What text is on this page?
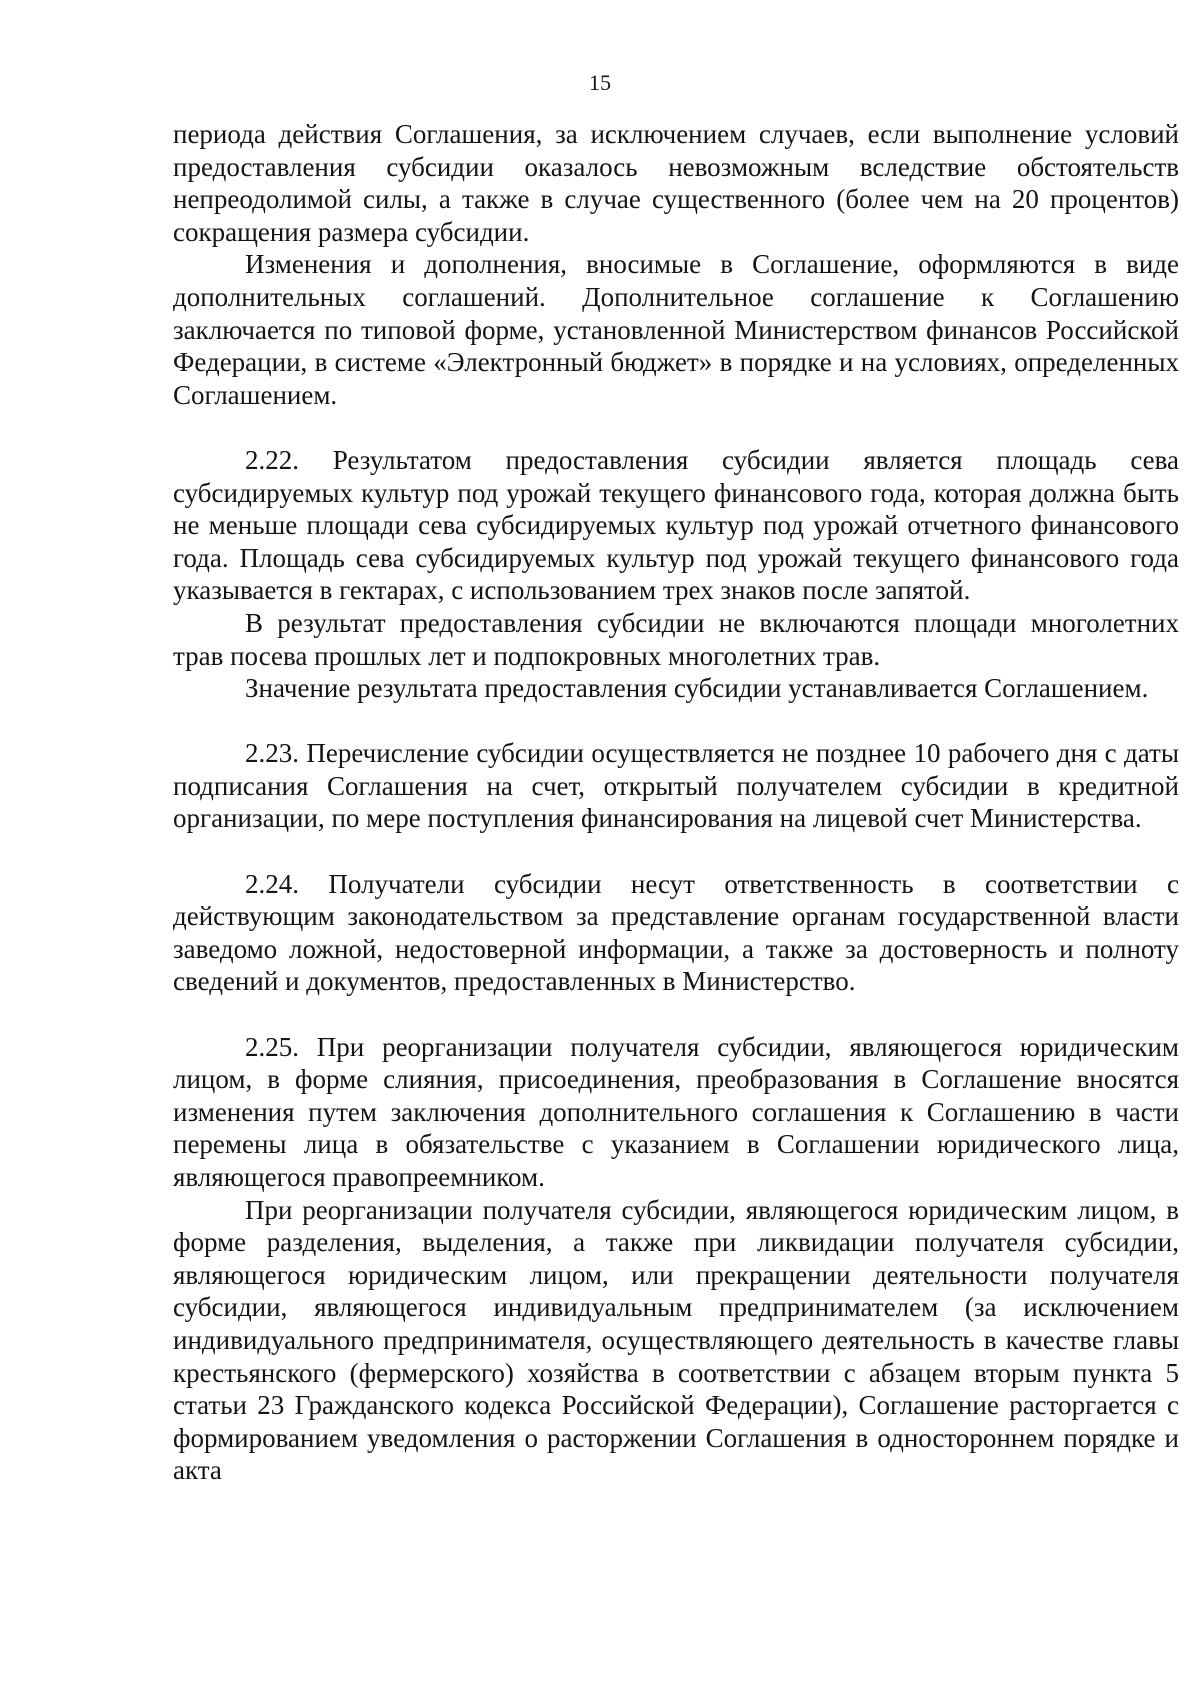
15

периода действия Соглашения, за исключением случаев, если выполнение условий предоставления субсидии оказалось невозможным вследствие обстоятельств непреодолимой силы, а также в случае существенного (более чем на 20 процентов) сокращения размера субсидии.

Изменения и дополнения, вносимые в Соглашение, оформляются в виде дополнительных соглашений. Дополнительное соглашение к Соглашению заключается по типовой форме, установленной Министерством финансов Российской Федерации, в системе «Электронный бюджет» в порядке и на условиях, определенных Соглашением.

2.22. Результатом предоставления субсидии является площадь сева субсидируемых культур под урожай текущего финансового года, которая должна быть не меньше площади сева субсидируемых культур под урожай отчетного финансового года. Площадь сева субсидируемых культур под урожай текущего финансового года указывается в гектарах, с использованием трех знаков после запятой.

В результат предоставления субсидии не включаются площади многолетних трав посева прошлых лет и подпокровных многолетних трав.

Значение результата предоставления субсидии устанавливается Соглашением.

2.23. Перечисление субсидии осуществляется не позднее 10 рабочего дня с даты подписания Соглашения на счет, открытый получателем субсидии в кредитной организации, по мере поступления финансирования на лицевой счет Министерства.

2.24. Получатели субсидии несут ответственность в соответствии с действующим законодательством за представление органам государственной власти заведомо ложной, недостоверной информации, а также за достоверность и полноту сведений и документов, предоставленных в Министерство.

2.25. При реорганизации получателя субсидии, являющегося юридическим лицом, в форме слияния, присоединения, преобразования в Соглашение вносятся изменения путем заключения дополнительного соглашения к Соглашению в части перемены лица в обязательстве с указанием в Соглашении юридического лица, являющегося правопреемником.

При реорганизации получателя субсидии, являющегося юридическим лицом, в форме разделения, выделения, а также при ликвидации получателя субсидии, являющегося юридическим лицом, или прекращении деятельности получателя субсидии, являющегося индивидуальным предпринимателем (за исключением индивидуального предпринимателя, осуществляющего деятельность в качестве главы крестьянского (фермерского) хозяйства в соответствии с абзацем вторым пункта 5 статьи 23 Гражданского кодекса Российской Федерации), Соглашение расторгается с формированием уведомления о расторжении Соглашения в одностороннем порядке и акта
